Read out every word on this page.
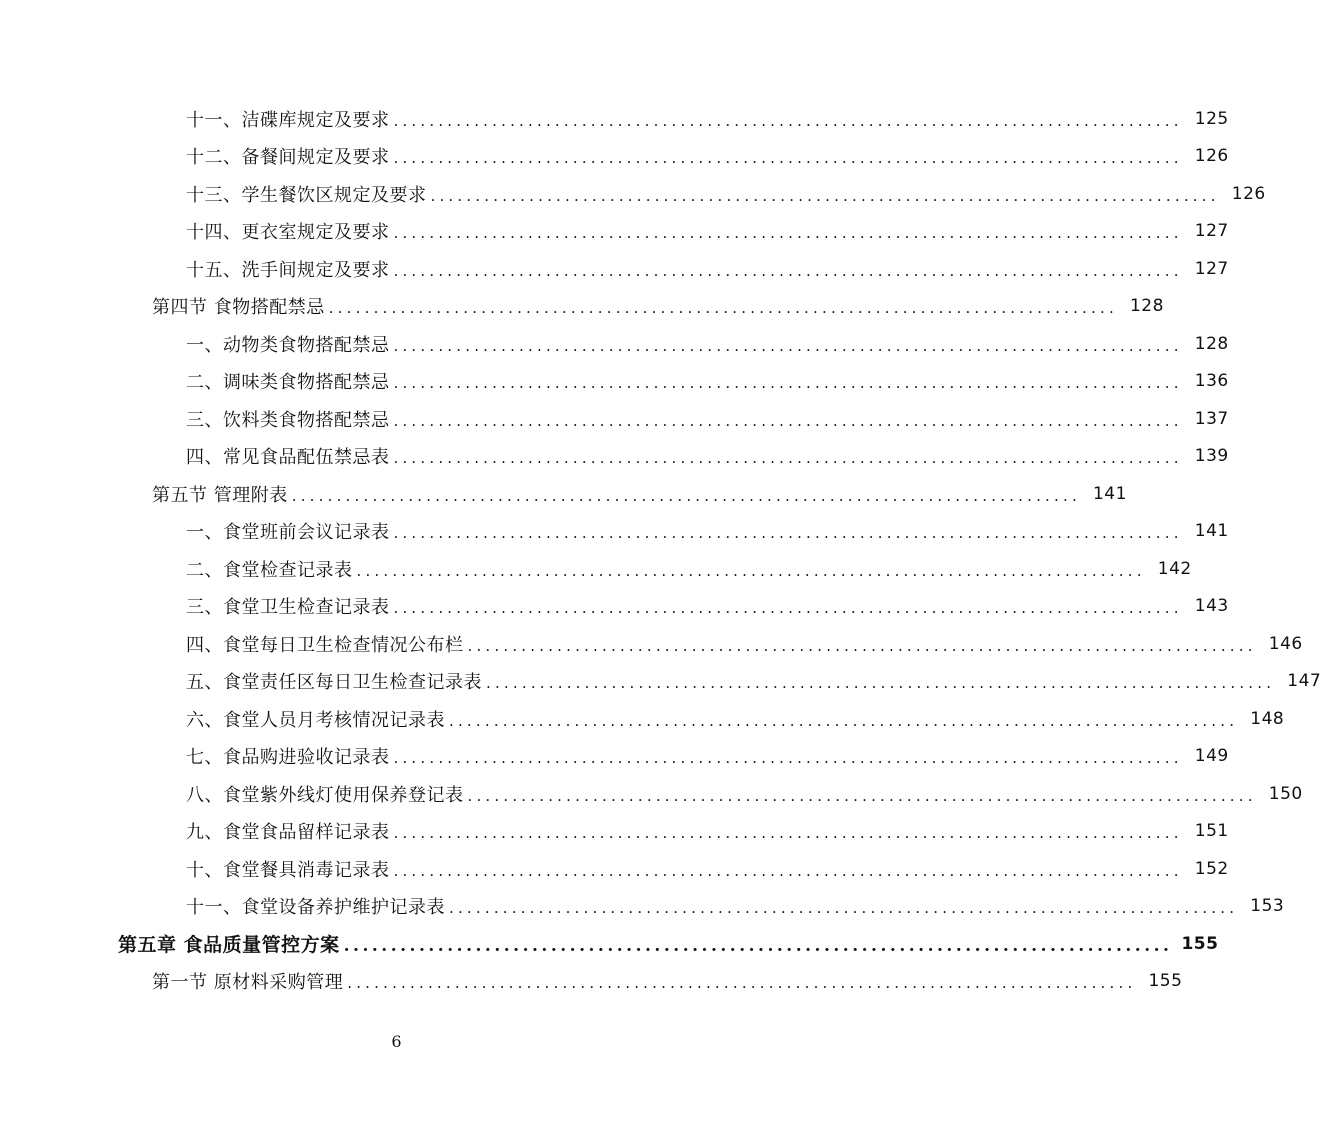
十一、洁碟库规定及要求 ........................................................................................ 125
十二、备餐间规定及要求 ........................................................................................ 126
十三、学生餐饮区规定及要求 ........................................................................................ 126
十四、更衣室规定及要求 ........................................................................................ 127
十五、洗手间规定及要求 ........................................................................................ 127
第四节 食物搭配禁忌 ........................................................................................ 128
一、动物类食物搭配禁忌 ........................................................................................ 128
二、调味类食物搭配禁忌 ........................................................................................ 136
三、饮料类食物搭配禁忌 ........................................................................................ 137
四、常见食品配伍禁忌表 ........................................................................................ 139
第五节 管理附表 ........................................................................................ 141
一、食堂班前会议记录表 ........................................................................................ 141
二、食堂检查记录表 ........................................................................................ 142
三、食堂卫生检查记录表 ........................................................................................ 143
四、食堂每日卫生检查情况公布栏 ........................................................................................ 146
五、食堂责任区每日卫生检查记录表 ........................................................................................ 147
六、食堂人员月考核情况记录表 ........................................................................................ 148
七、食品购进验收记录表 ........................................................................................ 149
八、食堂紫外线灯使用保养登记表 ........................................................................................ 150
九、食堂食品留样记录表 ........................................................................................ 151
十、食堂餐具消毒记录表 ........................................................................................ 152
十一、食堂设备养护维护记录表 ........................................................................................ 153
第五章 食品质量管控方案 ........................................................................................ 155
第一节 原材料采购管理 ........................................................................................ 155
6
